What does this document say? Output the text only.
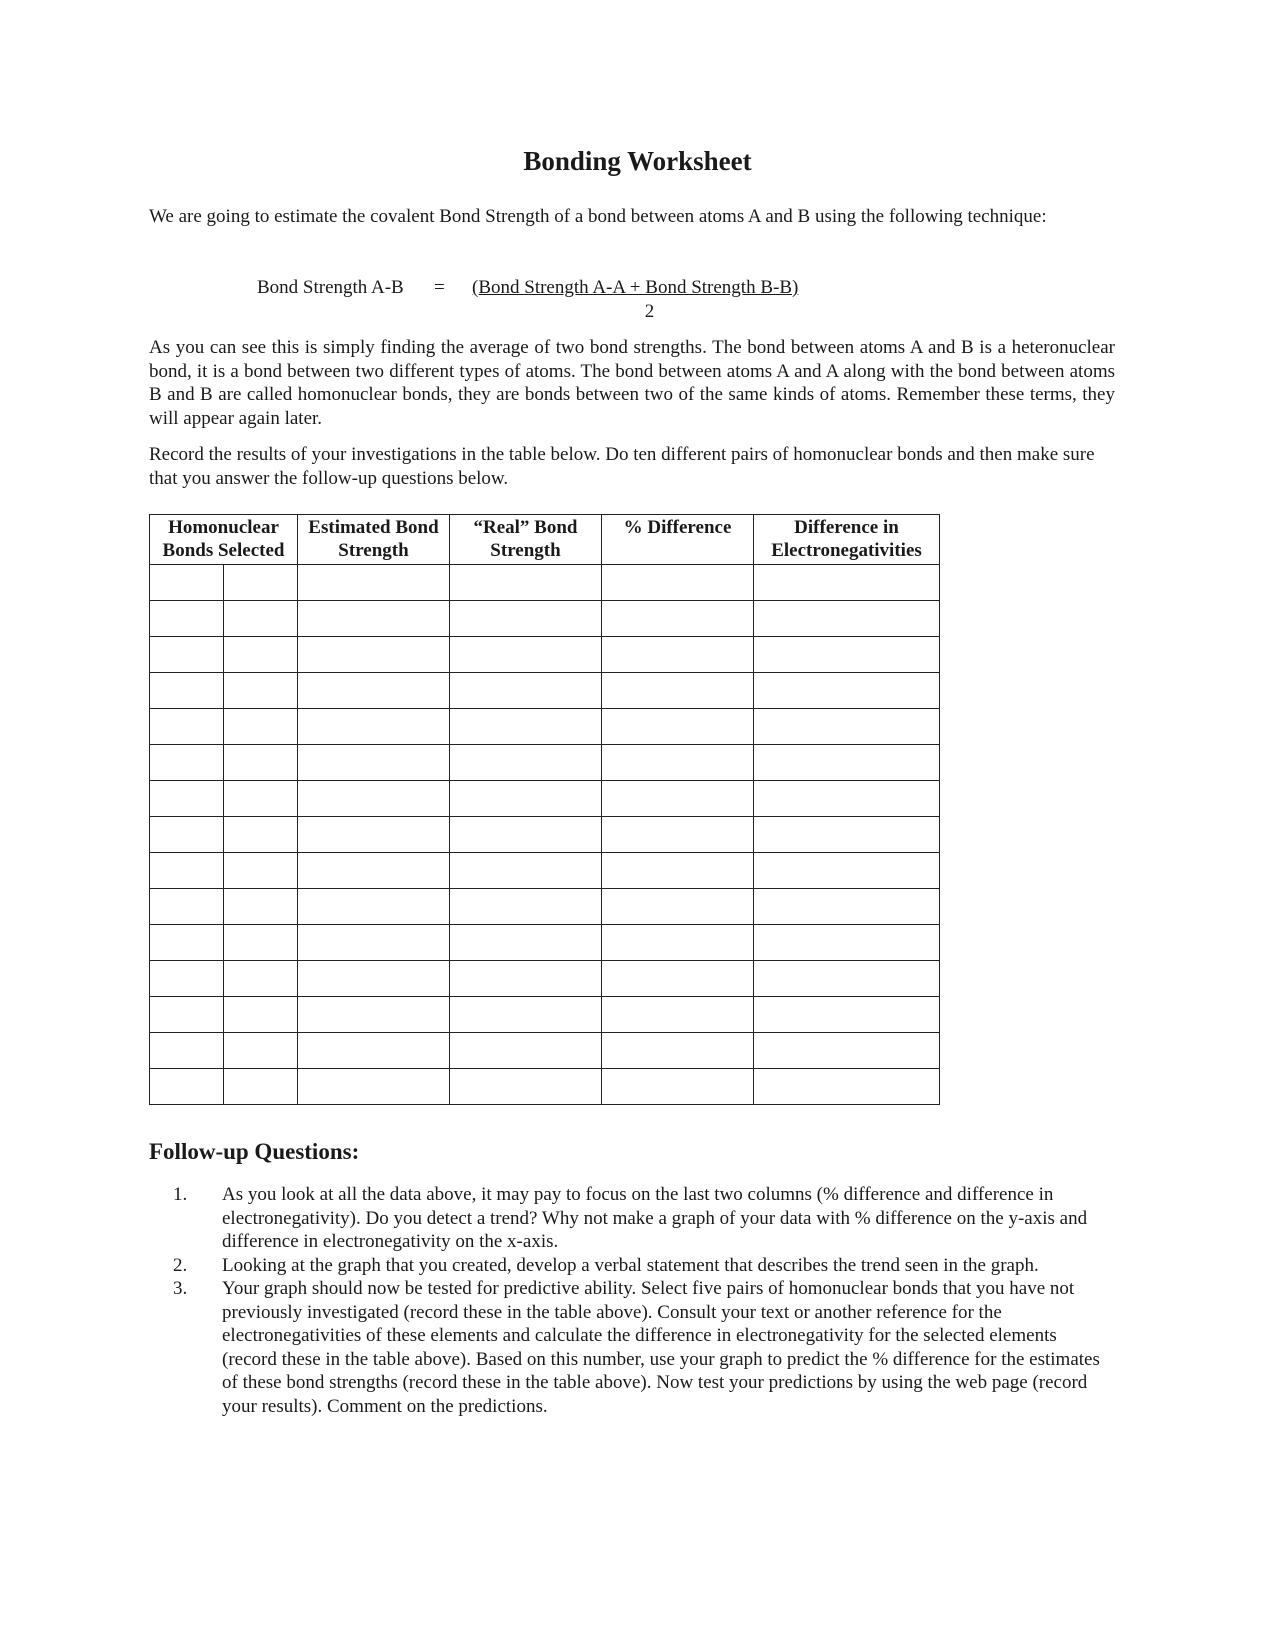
Bonding Worksheet
We are going to estimate the covalent Bond Strength of a bond between atoms A and B using the following technique:
Bond Strength A-B = (Bond Strength A-A + Bond Strength B-B)
2
As you can see this is simply finding the average of two bond strengths. The bond between atoms A and B is a heteronuclear bond, it is a bond between two different types of atoms. The bond between atoms A and A along with the bond between atoms B and B are called homonuclear bonds, they are bonds between two of the same kinds of atoms. Remember these terms, they will appear again later.
Record the results of your investigations in the table below. Do ten different pairs of homonuclear bonds and then make sure that you answer the follow-up questions below.
Homonuclear Bonds Selected		Estimated Bond Strength	“Real” Bond Strength	% Difference	Difference in Electronegativities

Follow-up Questions:
1. As you look at all the data above, it may pay to focus on the last two columns (% difference and difference in electronegativity). Do you detect a trend? Why not make a graph of your data with % difference on the y-axis and difference in electronegativity on the x-axis.
2. Looking at the graph that you created, develop a verbal statement that describes the trend seen in the graph.
3. Your graph should now be tested for predictive ability. Select five pairs of homonuclear bonds that you have not previously investigated (record these in the table above). Consult your text or another reference for the electronegativities of these elements and calculate the difference in electronegativity for the selected elements (record these in the table above). Based on this number, use your graph to predict the % difference for the estimates of these bond strengths (record these in the table above). Now test your predictions by using the web page (record your results). Comment on the predictions.
